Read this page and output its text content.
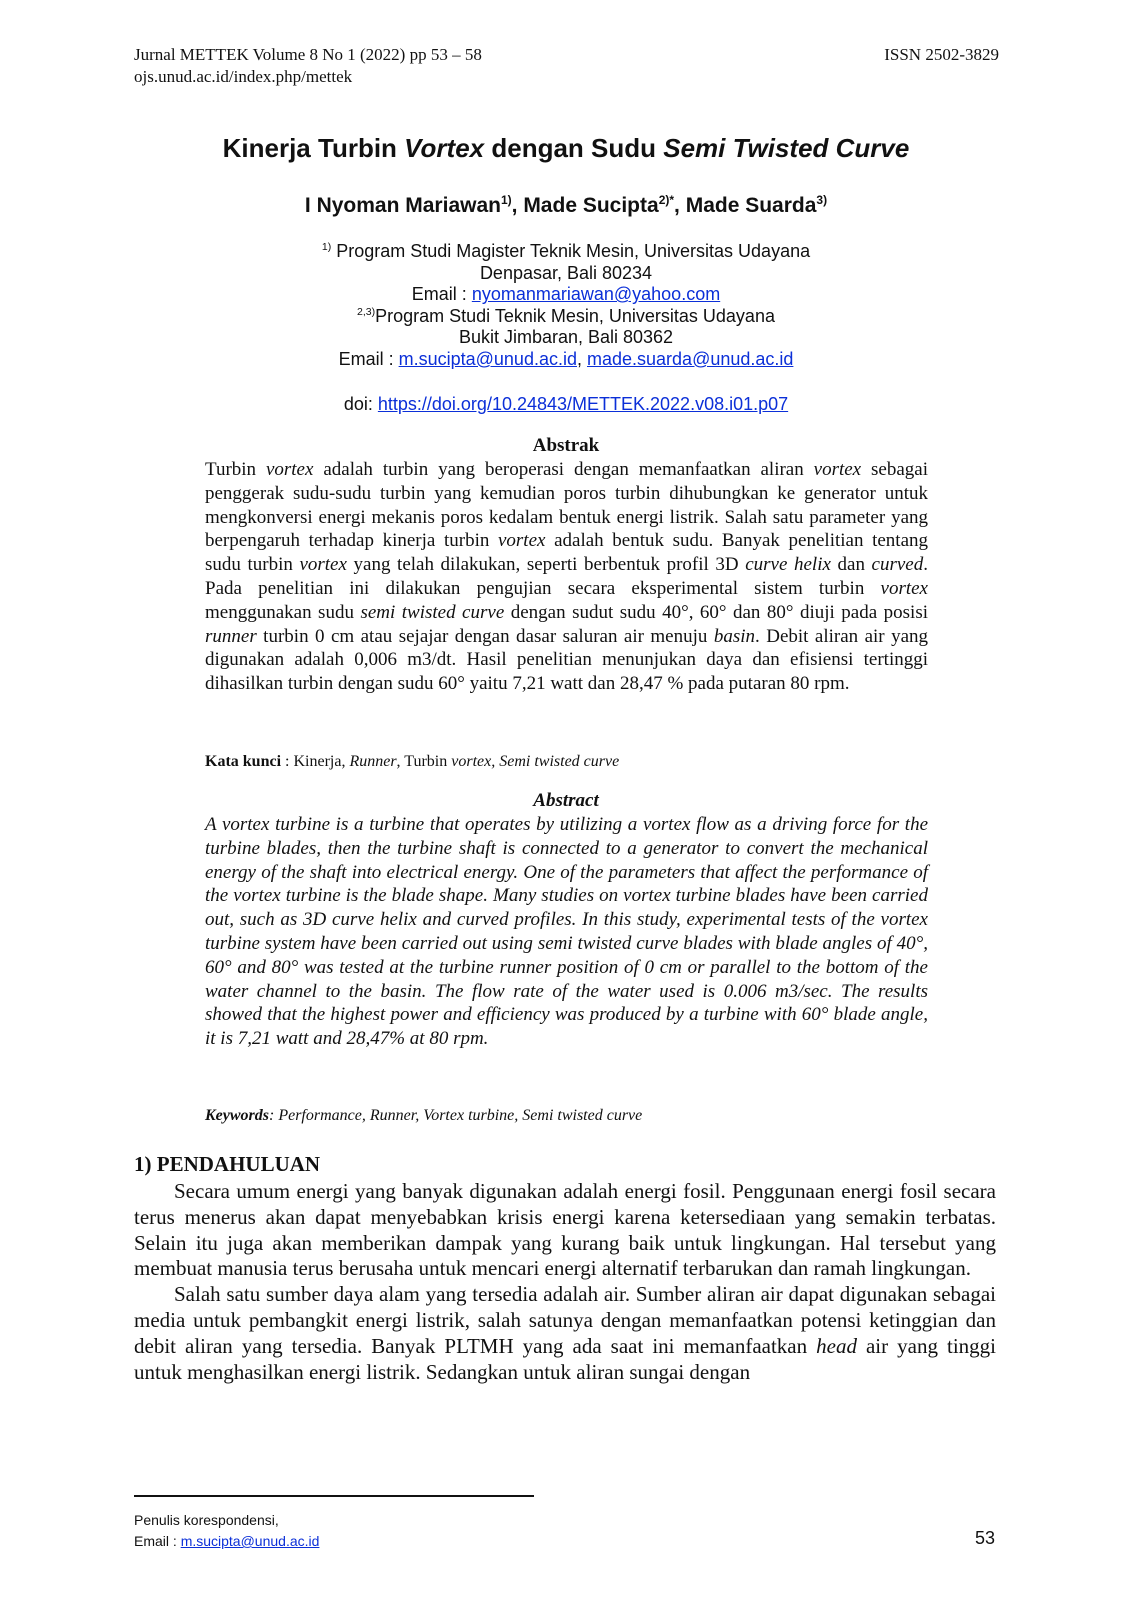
Jurnal METTEK Volume 8 No 1 (2022) pp 53 – 58
ojs.unud.ac.id/index.php/mettek
ISSN 2502-3829
Kinerja Turbin Vortex dengan Sudu Semi Twisted Curve
I Nyoman Mariawan$^{1)}$, Made Sucipta$^{2)*}$, Made Suarda$^{3)}$
$^{1)}$ Program Studi Magister Teknik Mesin, Universitas Udayana
Denpasar, Bali 80234
Email : nyomanmariawan@yahoo.com
$^{2,3)}$Program Studi Teknik Mesin, Universitas Udayana
Bukit Jimbaran, Bali 80362
Email : m.sucipta@unud.ac.id, made.suarda@unud.ac.id
doi: https://doi.org/10.24843/METTEK.2022.v08.i01.p07
Abstrak
Turbin vortex adalah turbin yang beroperasi dengan memanfaatkan aliran vortex sebagai penggerak sudu-sudu turbin yang kemudian poros turbin dihubungkan ke generator untuk mengkonversi energi mekanis poros kedalam bentuk energi listrik. Salah satu parameter yang berpengaruh terhadap kinerja turbin vortex adalah bentuk sudu. Banyak penelitian tentang sudu turbin vortex yang telah dilakukan, seperti berbentuk profil 3D curve helix dan curved. Pada penelitian ini dilakukan pengujian secara eksperimental sistem turbin vortex menggunakan sudu semi twisted curve dengan sudut sudu 40°, 60° dan 80° diuji pada posisi runner turbin 0 cm atau sejajar dengan dasar saluran air menuju basin. Debit aliran air yang digunakan adalah 0,006 m3/dt. Hasil penelitian menunjukan daya dan efisiensi tertinggi dihasilkan turbin dengan sudu 60° yaitu 7,21 watt dan 28,47 % pada putaran 80 rpm.
Kata kunci : Kinerja, Runner, Turbin vortex, Semi twisted curve
Abstract
A vortex turbine is a turbine that operates by utilizing a vortex flow as a driving force for the turbine blades, then the turbine shaft is connected to a generator to convert the mechanical energy of the shaft into electrical energy. One of the parameters that affect the performance of the vortex turbine is the blade shape. Many studies on vortex turbine blades have been carried out, such as 3D curve helix and curved profiles. In this study, experimental tests of the vortex turbine system have been carried out using semi twisted curve blades with blade angles of 40°, 60° and 80° was tested at the turbine runner position of 0 cm or parallel to the bottom of the water channel to the basin. The flow rate of the water used is 0.006 m3/sec. The results showed that the highest power and efficiency was produced by a turbine with 60° blade angle, it is 7,21 watt and 28,47% at 80 rpm.
Keywords: Performance, Runner, Vortex turbine, Semi twisted curve
1) PENDAHULUAN

Secara umum energi yang banyak digunakan adalah energi fosil. Penggunaan energi fosil secara terus menerus akan dapat menyebabkan krisis energi karena ketersediaan yang semakin terbatas. Selain itu juga akan memberikan dampak yang kurang baik untuk lingkungan. Hal tersebut yang membuat manusia terus berusaha untuk mencari energi alternatif terbarukan dan ramah lingkungan.

Salah satu sumber daya alam yang tersedia adalah air. Sumber aliran air dapat digunakan sebagai media untuk pembangkit energi listrik, salah satunya dengan memanfaatkan potensi ketinggian dan debit aliran yang tersedia. Banyak PLTMH yang ada saat ini memanfaatkan head air yang tinggi untuk menghasilkan energi listrik. Sedangkan untuk aliran sungai dengan

Penulis korespondensi,
Email : m.sucipta@unud.ac.id	53
